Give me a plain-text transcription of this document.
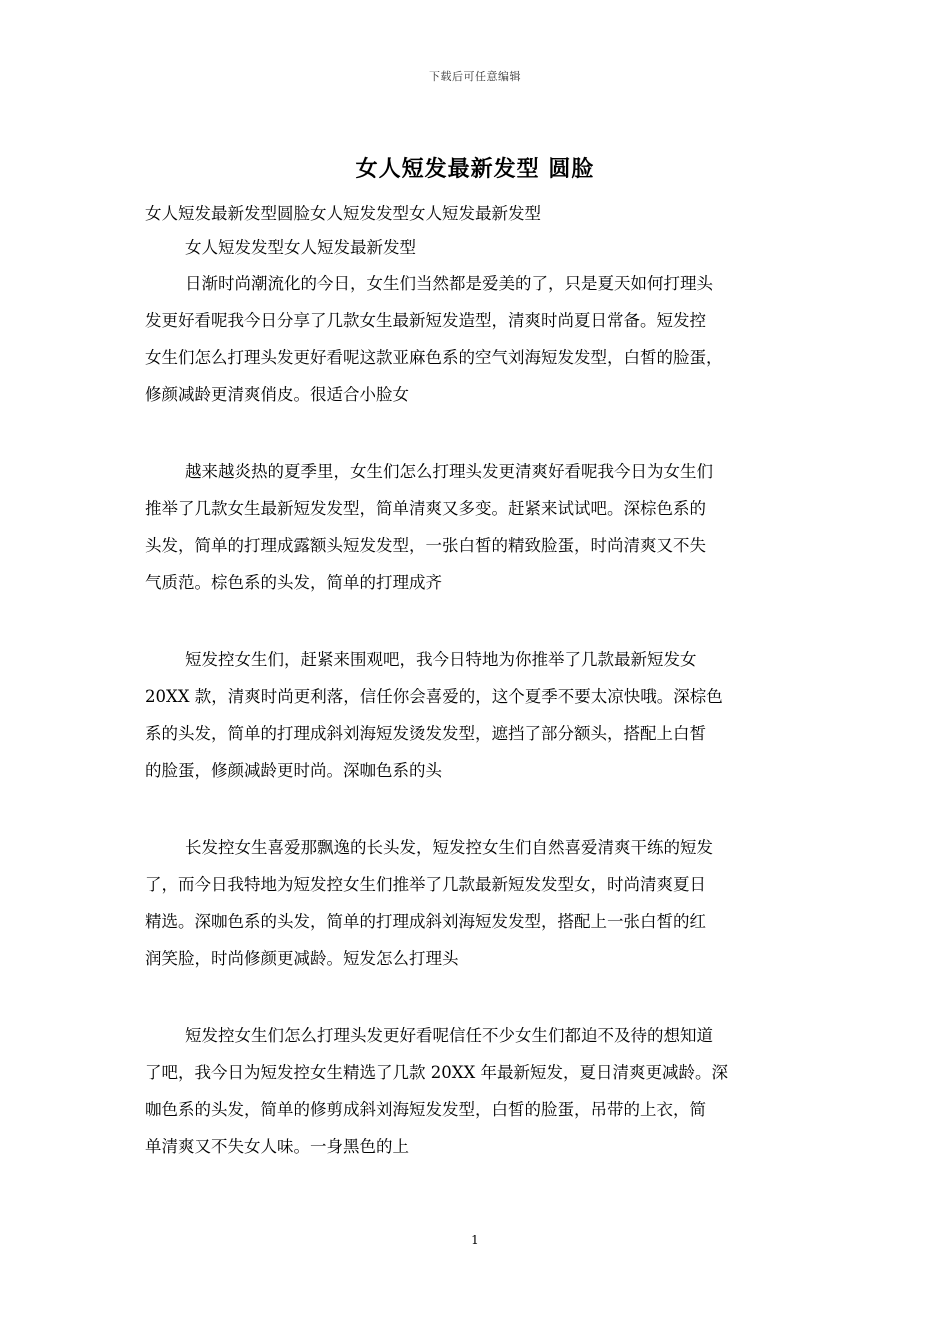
下载后可任意编辑
女人短发最新发型 圆脸
女人短发最新发型圆脸女人短发发型女人短发最新发型
女人短发发型女人短发最新发型
日渐时尚潮流化的今日，女生们当然都是爱美的了，只是夏天如何打理头
发更好看呢我今日分享了几款女生最新短发造型，清爽时尚夏日常备。短发控
女生们怎么打理头发更好看呢这款亚麻色系的空气刘海短发发型，白皙的脸蛋，
修颜减龄更清爽俏皮。很适合小脸女
越来越炎热的夏季里，女生们怎么打理头发更清爽好看呢我今日为女生们
推举了几款女生最新短发发型，简单清爽又多变。赶紧来试试吧。深棕色系的
头发，简单的打理成露额头短发发型，一张白皙的精致脸蛋，时尚清爽又不失
气质范。棕色系的头发，简单的打理成齐
短发控女生们，赶紧来围观吧，我今日特地为你推举了几款最新短发女
20XX 款，清爽时尚更利落，信任你会喜爱的，这个夏季不要太凉快哦。深棕色
系的头发，简单的打理成斜刘海短发烫发发型，遮挡了部分额头，搭配上白皙
的脸蛋，修颜减龄更时尚。深咖色系的头
长发控女生喜爱那飘逸的长头发，短发控女生们自然喜爱清爽干练的短发
了，而今日我特地为短发控女生们推举了几款最新短发发型女，时尚清爽夏日
精选。深咖色系的头发，简单的打理成斜刘海短发发型，搭配上一张白皙的红
润笑脸，时尚修颜更减龄。短发怎么打理头
短发控女生们怎么打理头发更好看呢信任不少女生们都迫不及待的想知道
了吧，我今日为短发控女生精选了几款 20XX 年最新短发，夏日清爽更减龄。深
咖色系的头发，简单的修剪成斜刘海短发发型，白皙的脸蛋，吊带的上衣，简
单清爽又不失女人味。一身黑色的上
1
